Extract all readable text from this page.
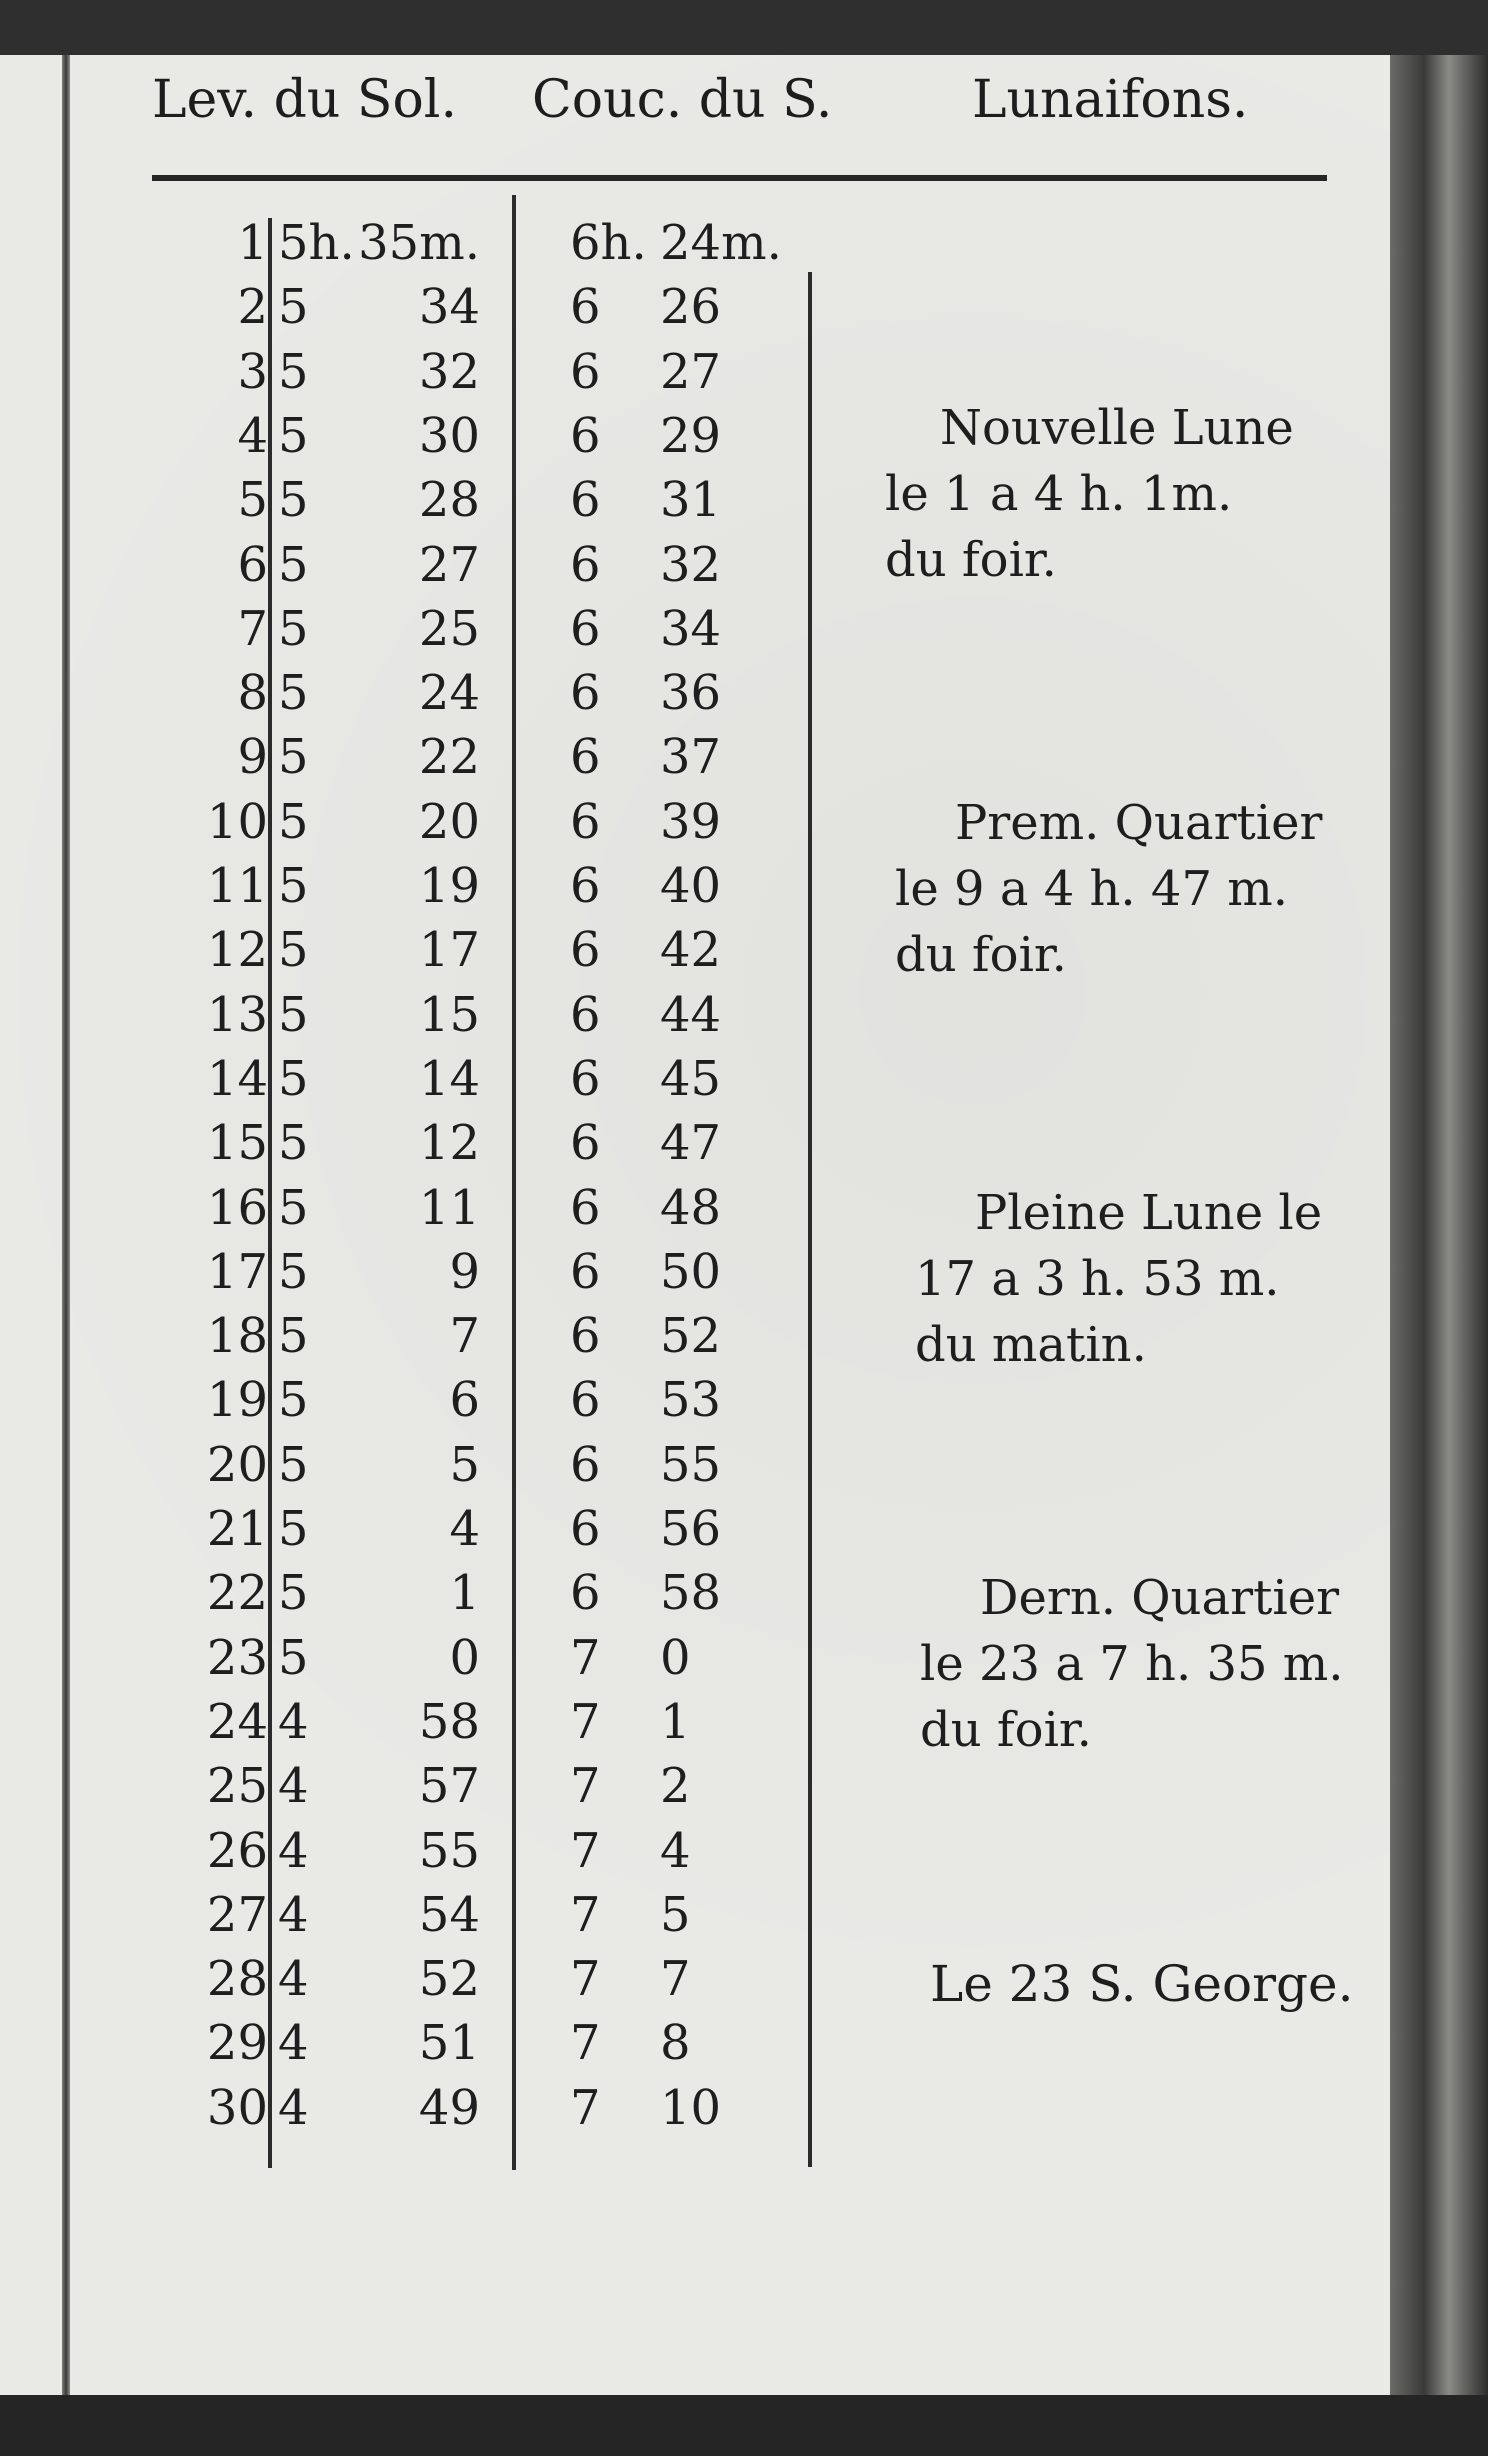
Lev. du Sol. Couc. du S.	Lunaifons.
1 5h. 35m. 6h. 24m.
2 5	34 6	26
3 5	32 6	27
4 5	30 6	29
5 5	28 6	31
6 5	27 6	32
7 5	25 6	34
8 5	24 6	36
9 5	22 6	37
10 5	20 6	39
11 5	19 6	40
12 5	17 6	42
13 5	15 6	44
14 5	14 6	45
15 5	12 6	47
16 5	11 6	48
17 5	9 6	50
18 5	7 6	52
19 5	6 6	53
20 5	5 6	55
21 5	4 6	56
22 5	1 6	58
23 5	0 7	0
24 4	58 7	1
25 4	57 7	2
26 4	55 7	4
27 4	54 7	5
28 4	52 7	7
29 4	51 7	8
30 4	49 7	10
Nouvelle Lune
le 1 a 4 h. 1m.
du foir.
Prem. Quartier
le 9 a 4 h. 47 m.
du foir.
Pleine Lune le
17 a 3 h. 53 m.
du matin.
Dern. Quartier
le 23 a 7 h. 35 m.
du foir.
Le 23 S. George.
